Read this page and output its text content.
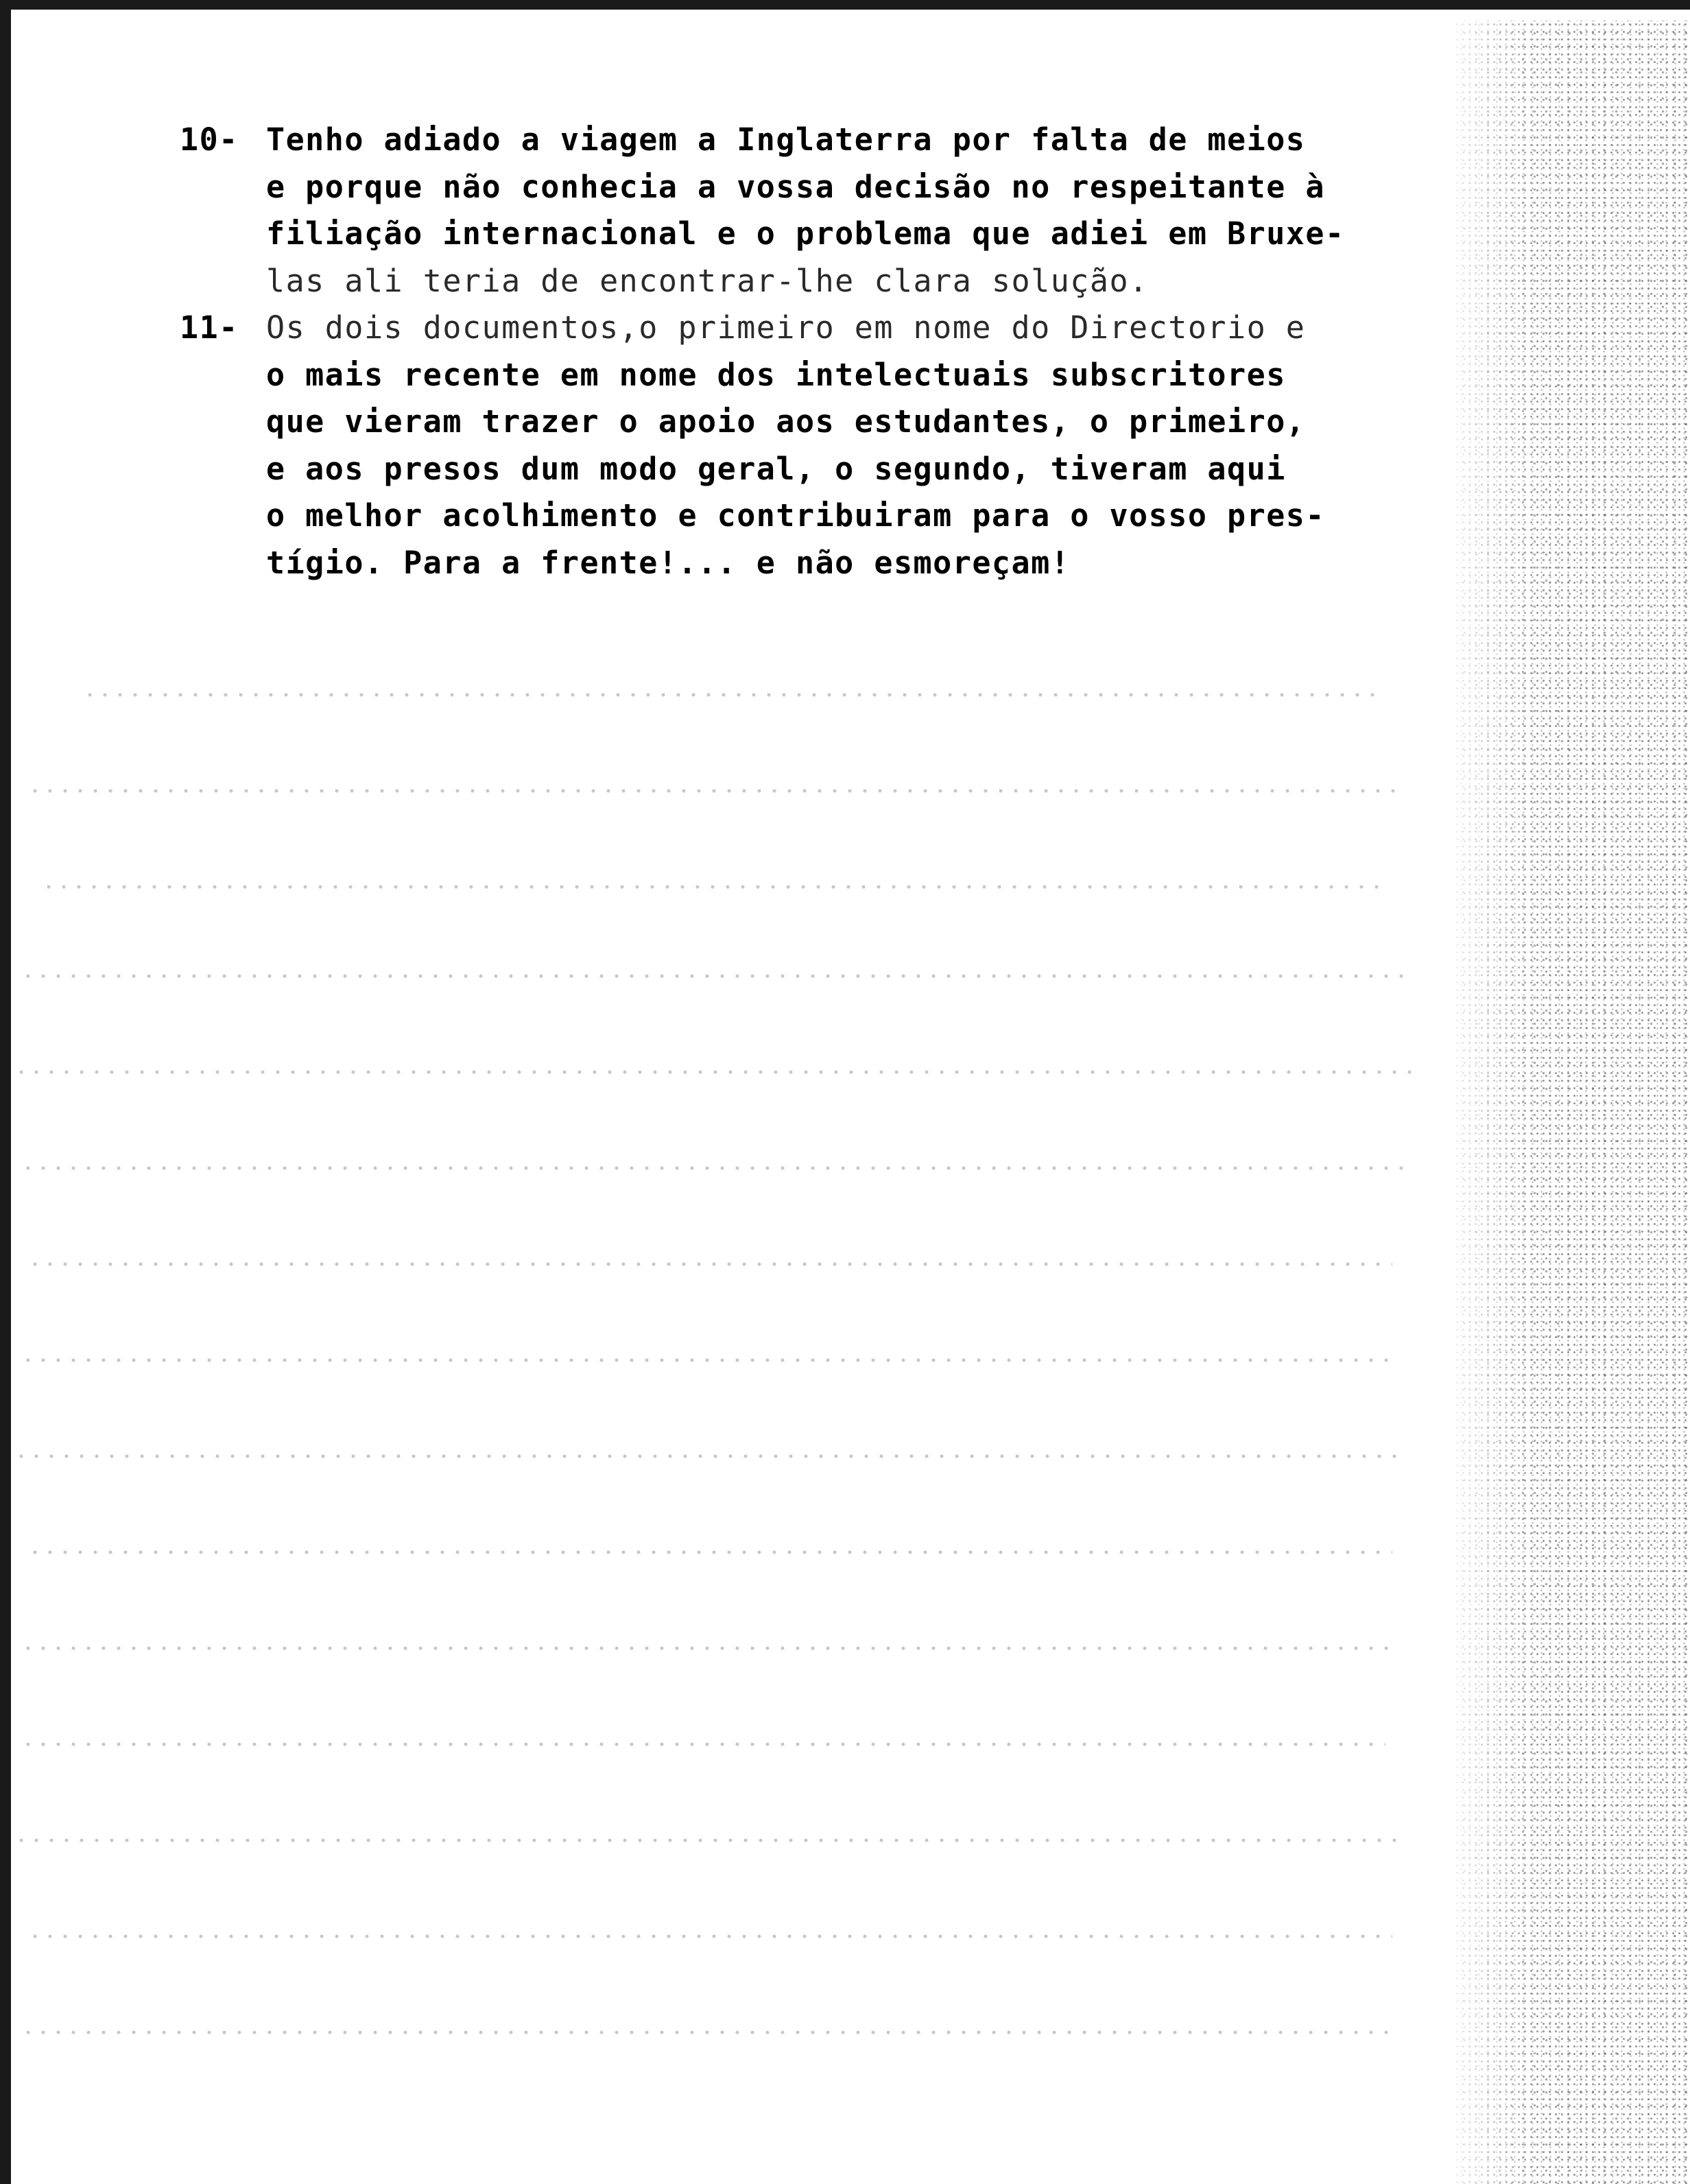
10- Tenho adiado a viagem a Inglaterra por falta de meios
e porque não conhecia a vossa decisão no respeitante à
filiação internacional e o problema que adiei em Bruxe-
las ali teria de encontrar-lhe clara solução.
11- Os dois documentos,o primeiro em nome do Directorio e
o mais recente em nome dos intelectuais subscritores
que vieram trazer o apoio aos estudantes, o primeiro,
e aos presos dum modo geral, o segundo, tiveram aqui
o melhor acolhimento e contribuiram para o vosso pres-
tígio. Para a frente!... e não esmoreçam!
